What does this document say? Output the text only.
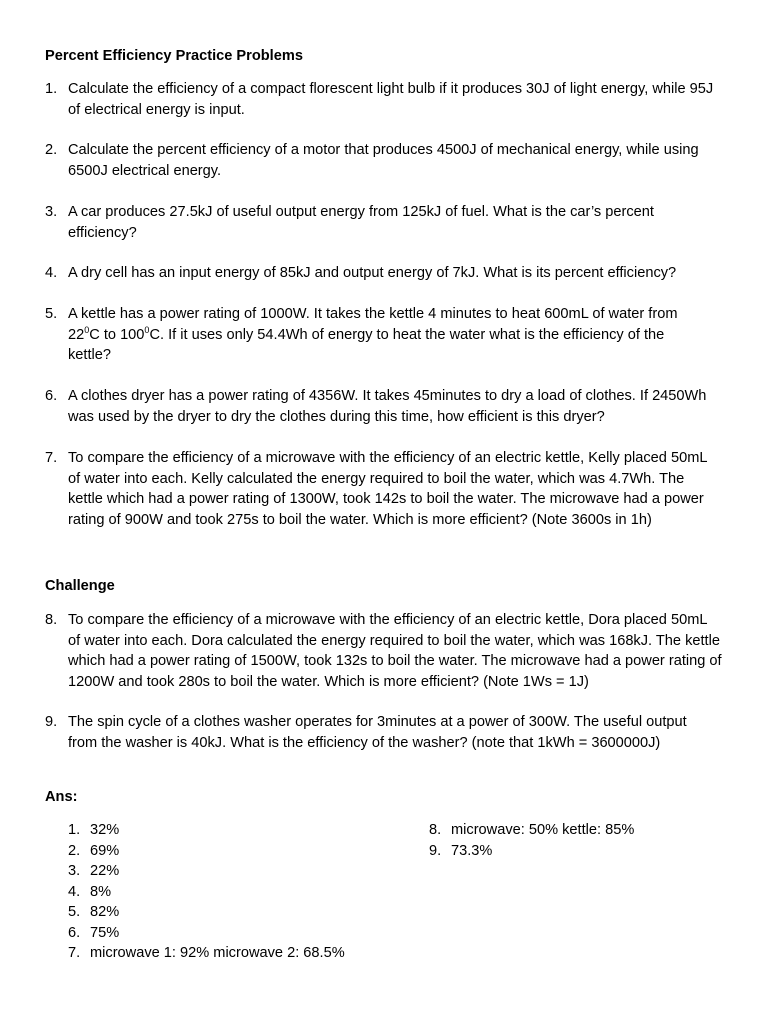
Percent Efficiency Practice Problems
1. Calculate the efficiency of a compact florescent light bulb if it produces 30J of light energy, while 95J of electrical energy is input.
2. Calculate the percent efficiency of a motor that produces 4500J of mechanical energy, while using 6500J electrical energy.
3. A car produces 27.5kJ of useful output energy from 125kJ of fuel. What is the car’s percent efficiency?
4. A dry cell has an input energy of 85kJ and output energy of 7kJ. What is its percent efficiency?
5. A kettle has a power rating of 1000W. It takes the kettle 4 minutes to heat 600mL of water from $22^0C$ to $100^0C$. If it uses only 54.4Wh of energy to heat the water what is the efficiency of the kettle?
6. A clothes dryer has a power rating of 4356W. It takes 45minutes to dry a load of clothes. If 2450Wh was used by the dryer to dry the clothes during this time, how efficient is this dryer?
7. To compare the efficiency of a microwave with the efficiency of an electric kettle, Kelly placed 50mL of water into each. Kelly calculated the energy required to boil the water, which was 4.7Wh. The kettle which had a power rating of 1300W, took 142s to boil the water. The microwave had a power rating of 900W and took 275s to boil the water. Which is more efficient? (Note 3600s in 1h)
Challenge
8. To compare the efficiency of a microwave with the efficiency of an electric kettle, Dora placed 50mL of water into each. Dora calculated the energy required to boil the water, which was 168kJ. The kettle which had a power rating of 1500W, took 132s to boil the water. The microwave had a power rating of 1200W and took 280s to boil the water. Which is more efficient? (Note 1Ws = 1J)
9. The spin cycle of a clothes washer operates for 3minutes at a power of 300W. The useful output from the washer is 40kJ. What is the efficiency of the washer? (note that 1kWh = 3600000J)
Ans:
1. 32%
2. 69%
3. 22%
4. 8%
5. 82%
6. 75%
7. microwave 1: 92% microwave 2: 68.5%
8. microwave: 50% kettle: 85%
9. 73.3%
